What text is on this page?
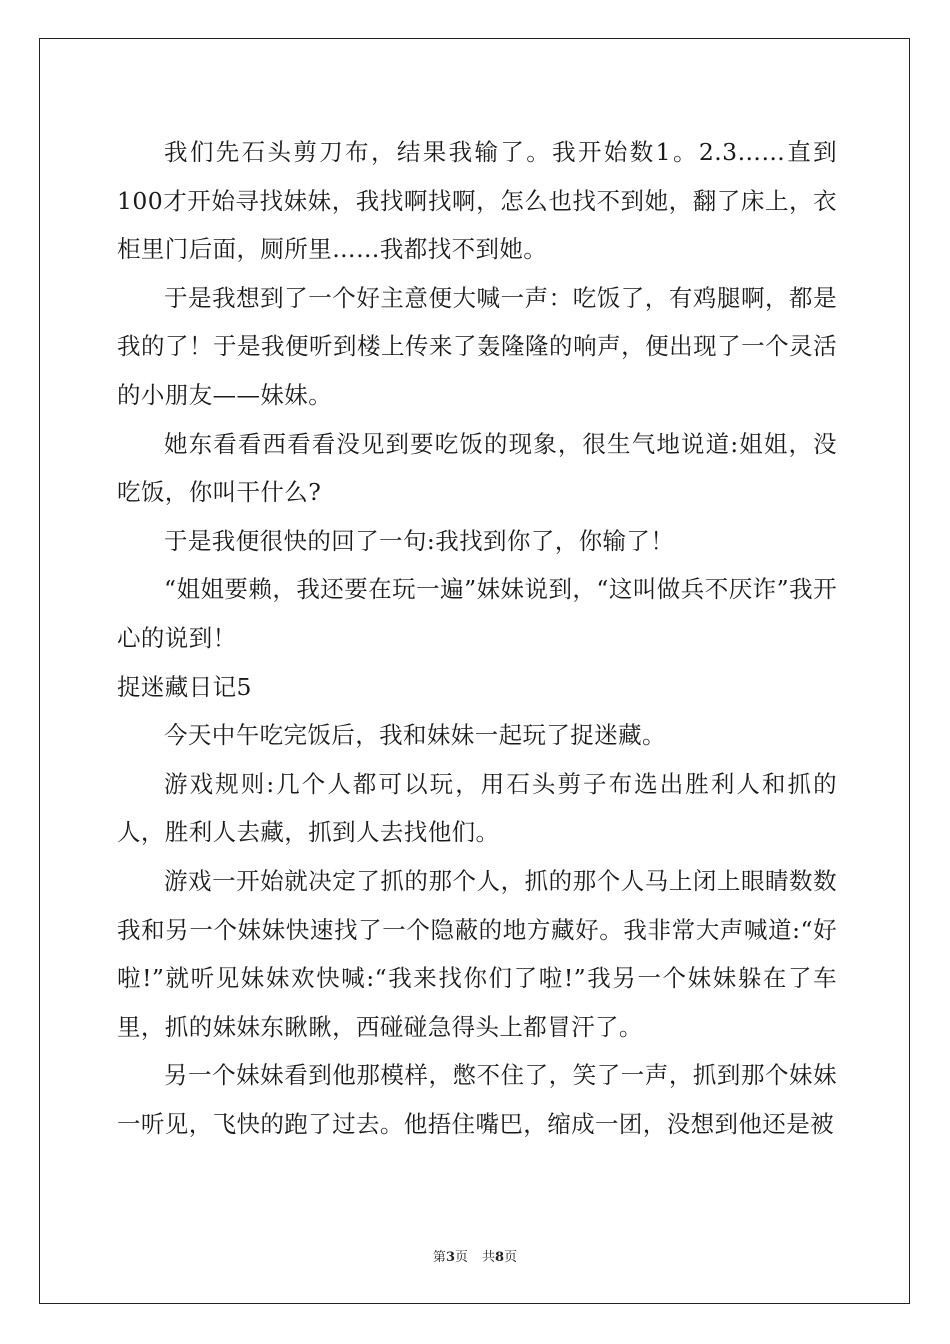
我们先石头剪刀布，结果我输了。我开始数1。2.3……直到100才开始寻找妹妹，我找啊找啊，怎么也找不到她，翻了床上，衣柜里门后面，厕所里……我都找不到她。

于是我想到了一个好主意便大喊一声：吃饭了，有鸡腿啊，都是我的了！于是我便听到楼上传来了轰隆隆的响声，便出现了一个灵活的小朋友——妹妹。

她东看看西看看没见到要吃饭的现象，很生气地说道:姐姐，没吃饭，你叫干什么?

于是我便很快的回了一句:我找到你了，你输了！

“姐姐要赖，我还要在玩一遍”妹妹说到，“这叫做兵不厌诈”我开心的说到！

捉迷藏日记5

今天中午吃完饭后，我和妹妹一起玩了捉迷藏。

游戏规则:几个人都可以玩，用石头剪子布选出胜利人和抓的人，胜利人去藏，抓到人去找他们。

游戏一开始就决定了抓的那个人，抓的那个人马上闭上眼睛数数我和另一个妹妹快速找了一个隐蔽的地方藏好。我非常大声喊道:“好啦!”就听见妹妹欢快喊:“我来找你们了啦!”我另一个妹妹躲在了车里，抓的妹妹东瞅瞅，西碰碰急得头上都冒汗了。

另一个妹妹看到他那模样，憋不住了，笑了一声，抓到那个妹妹一听见，飞快的跑了过去。他捂住嘴巴，缩成一团，没想到他还是被

第3页 共8页
